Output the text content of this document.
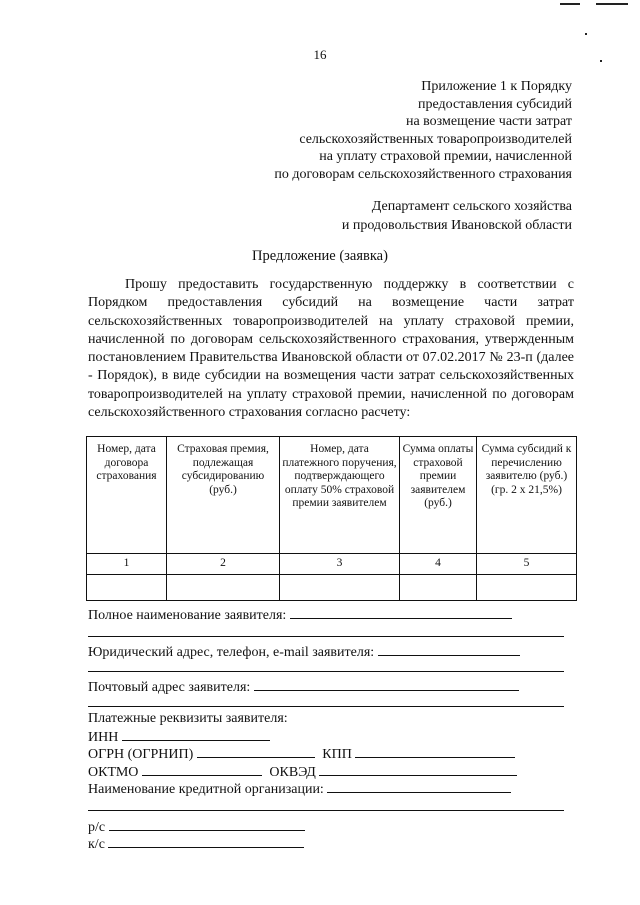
16
Приложение 1 к Порядку
предоставления субсидий
на возмещение части затрат
сельскохозяйственных товаропроизводителей
на уплату страховой премии, начисленной
по договорам сельскохозяйственного страхования
Департамент сельского хозяйства
и продовольствия Ивановской области
Предложение (заявка)
Прошу предоставить государственную поддержку в соответствии с Порядком предоставления субсидий на возмещение части затрат сельскохозяйственных товаропроизводителей на уплату страховой премии, начисленной по договорам сельскохозяйственного страхования, утвержденным постановлением Правительства Ивановской области от 07.02.2017 № 23-п (далее - Порядок), в виде субсидии на возмещения части затрат сельскохозяйственных товаропроизводителей на уплату страховой премии, начисленной по договорам сельскохозяйственного страхования согласно расчету:
Номер, дата договора страхования	Страховая премия, подлежащая субсидированию (руб.)	Номер, дата платежного поручения, подтверждающего оплату 50% страховой премии заявителем	Сумма оплаты страховой премии заявителем (руб.)	Сумма субсидий к перечислению заявителю (руб.) (гр. 2 х 21,5%)
1	2	3	4	5

Полное наименование заявителя:
Юридический адрес, телефон, e-mail заявителя:
Почтовый адрес заявителя:
Платежные реквизиты заявителя:
ИНН
ОГРН (ОГРНИП)	КПП
ОКТМО	ОКВЭД
Наименование кредитной организации:
р/с
к/с
